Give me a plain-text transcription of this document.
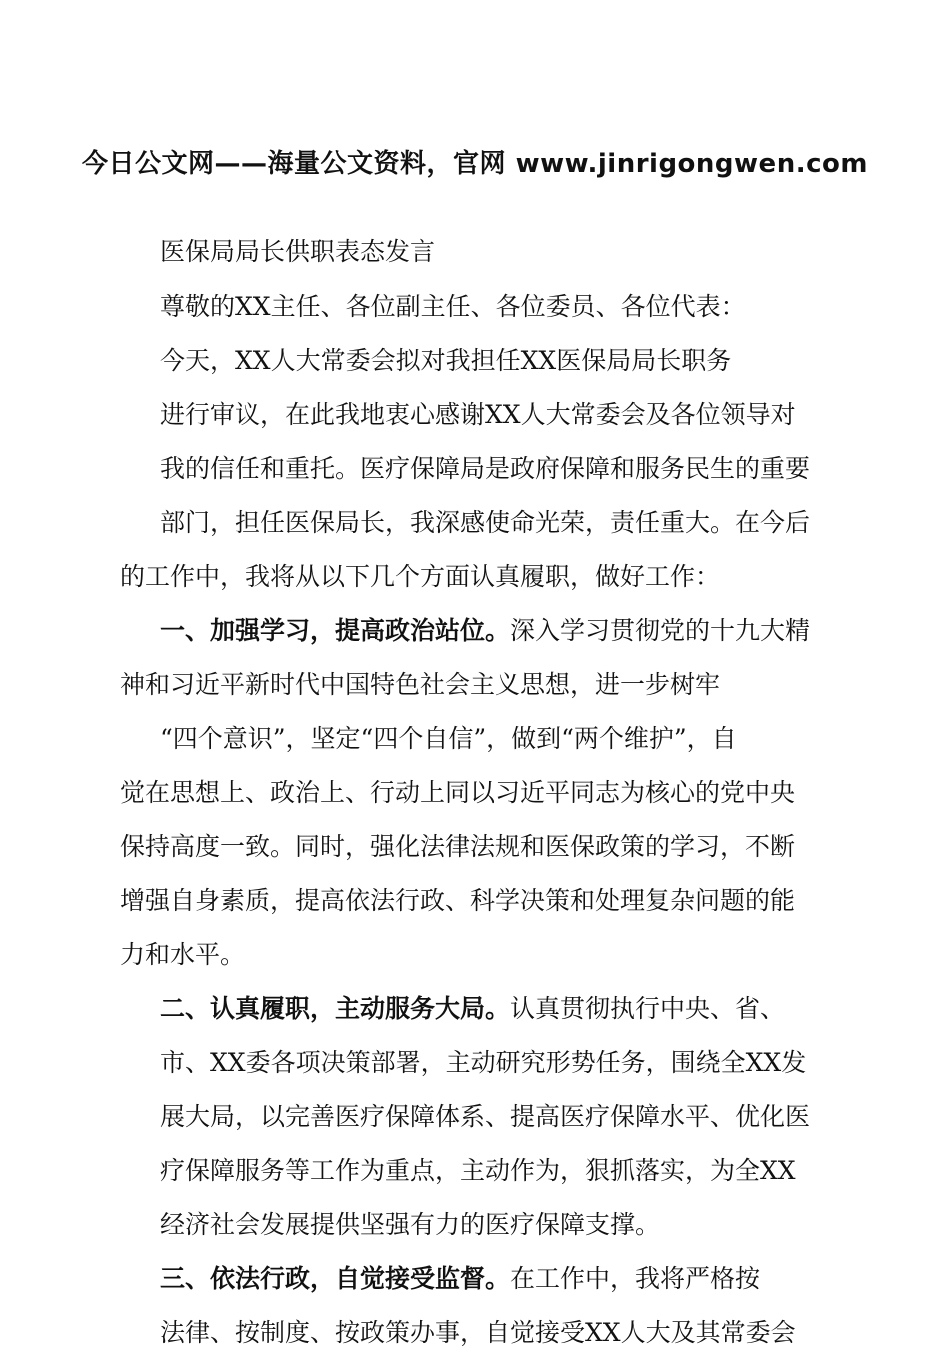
今日公文网——海量公文资料，官网 www.jinrigongwen.com
医保局局长供职表态发言
尊敬的XX主任、各位副主任、各位委员、各位代表：
今天，XX人大常委会拟对我担任XX医保局局长职务
进行审议，在此我地衷心感谢XX人大常委会及各位领导对
我的信任和重托。医疗保障局是政府保障和服务民生的重要
部门，担任医保局长，我深感使命光荣，责任重大。在今后
的工作中，我将从以下几个方面认真履职，做好工作：
一、加强学习，提高政治站位。深入学习贯彻党的十九大精
神和习近平新时代中国特色社会主义思想，进一步树牢
“四个意识”，坚定“四个自信”，做到“两个维护”，自
觉在思想上、政治上、行动上同以习近平同志为核心的党中央
保持高度一致。同时，强化法律法规和医保政策的学习，不断
增强自身素质，提高依法行政、科学决策和处理复杂问题的能
力和水平。
二、认真履职，主动服务大局。认真贯彻执行中央、省、
市、XX委各项决策部署，主动研究形势任务，围绕全XX发
展大局，以完善医疗保障体系、提高医疗保障水平、优化医
疗保障服务等工作为重点，主动作为，狠抓落实，为全XX
经济社会发展提供坚强有力的医疗保障支撑。
三、依法行政，自觉接受监督。在工作中，我将严格按
法律、按制度、按政策办事，自觉接受XX人大及其常委会
